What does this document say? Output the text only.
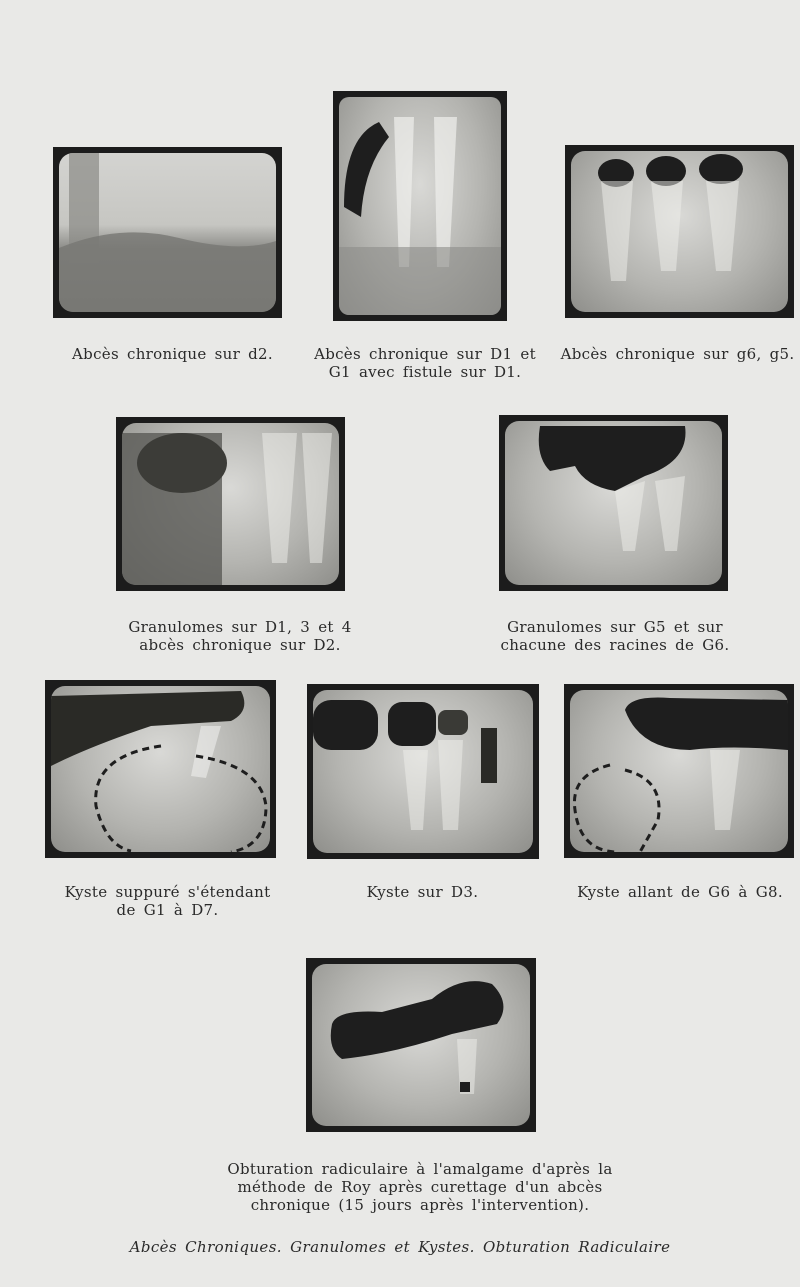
Abcès chronique sur d2.	Abcès chronique sur D1 et
G1 avec fistule sur D1.
Abcès chronique sur g6, g5.
Granulomes sur D1, 3 et 4
abcès chronique sur D2.
Granulomes sur G5 et sur
chacune des racines de G6.
Kyste suppuré s'étendant
de G1 à D7.
Kyste sur D3.	Kyste allant de G6 à G8.
Obturation radiculaire à l'amalgame d'après la
méthode de Roy après curettage d'un abcès
chronique (15 jours après l'intervention).
Abcès Chroniques. Granulomes et Kystes. Obturation Radiculaire
